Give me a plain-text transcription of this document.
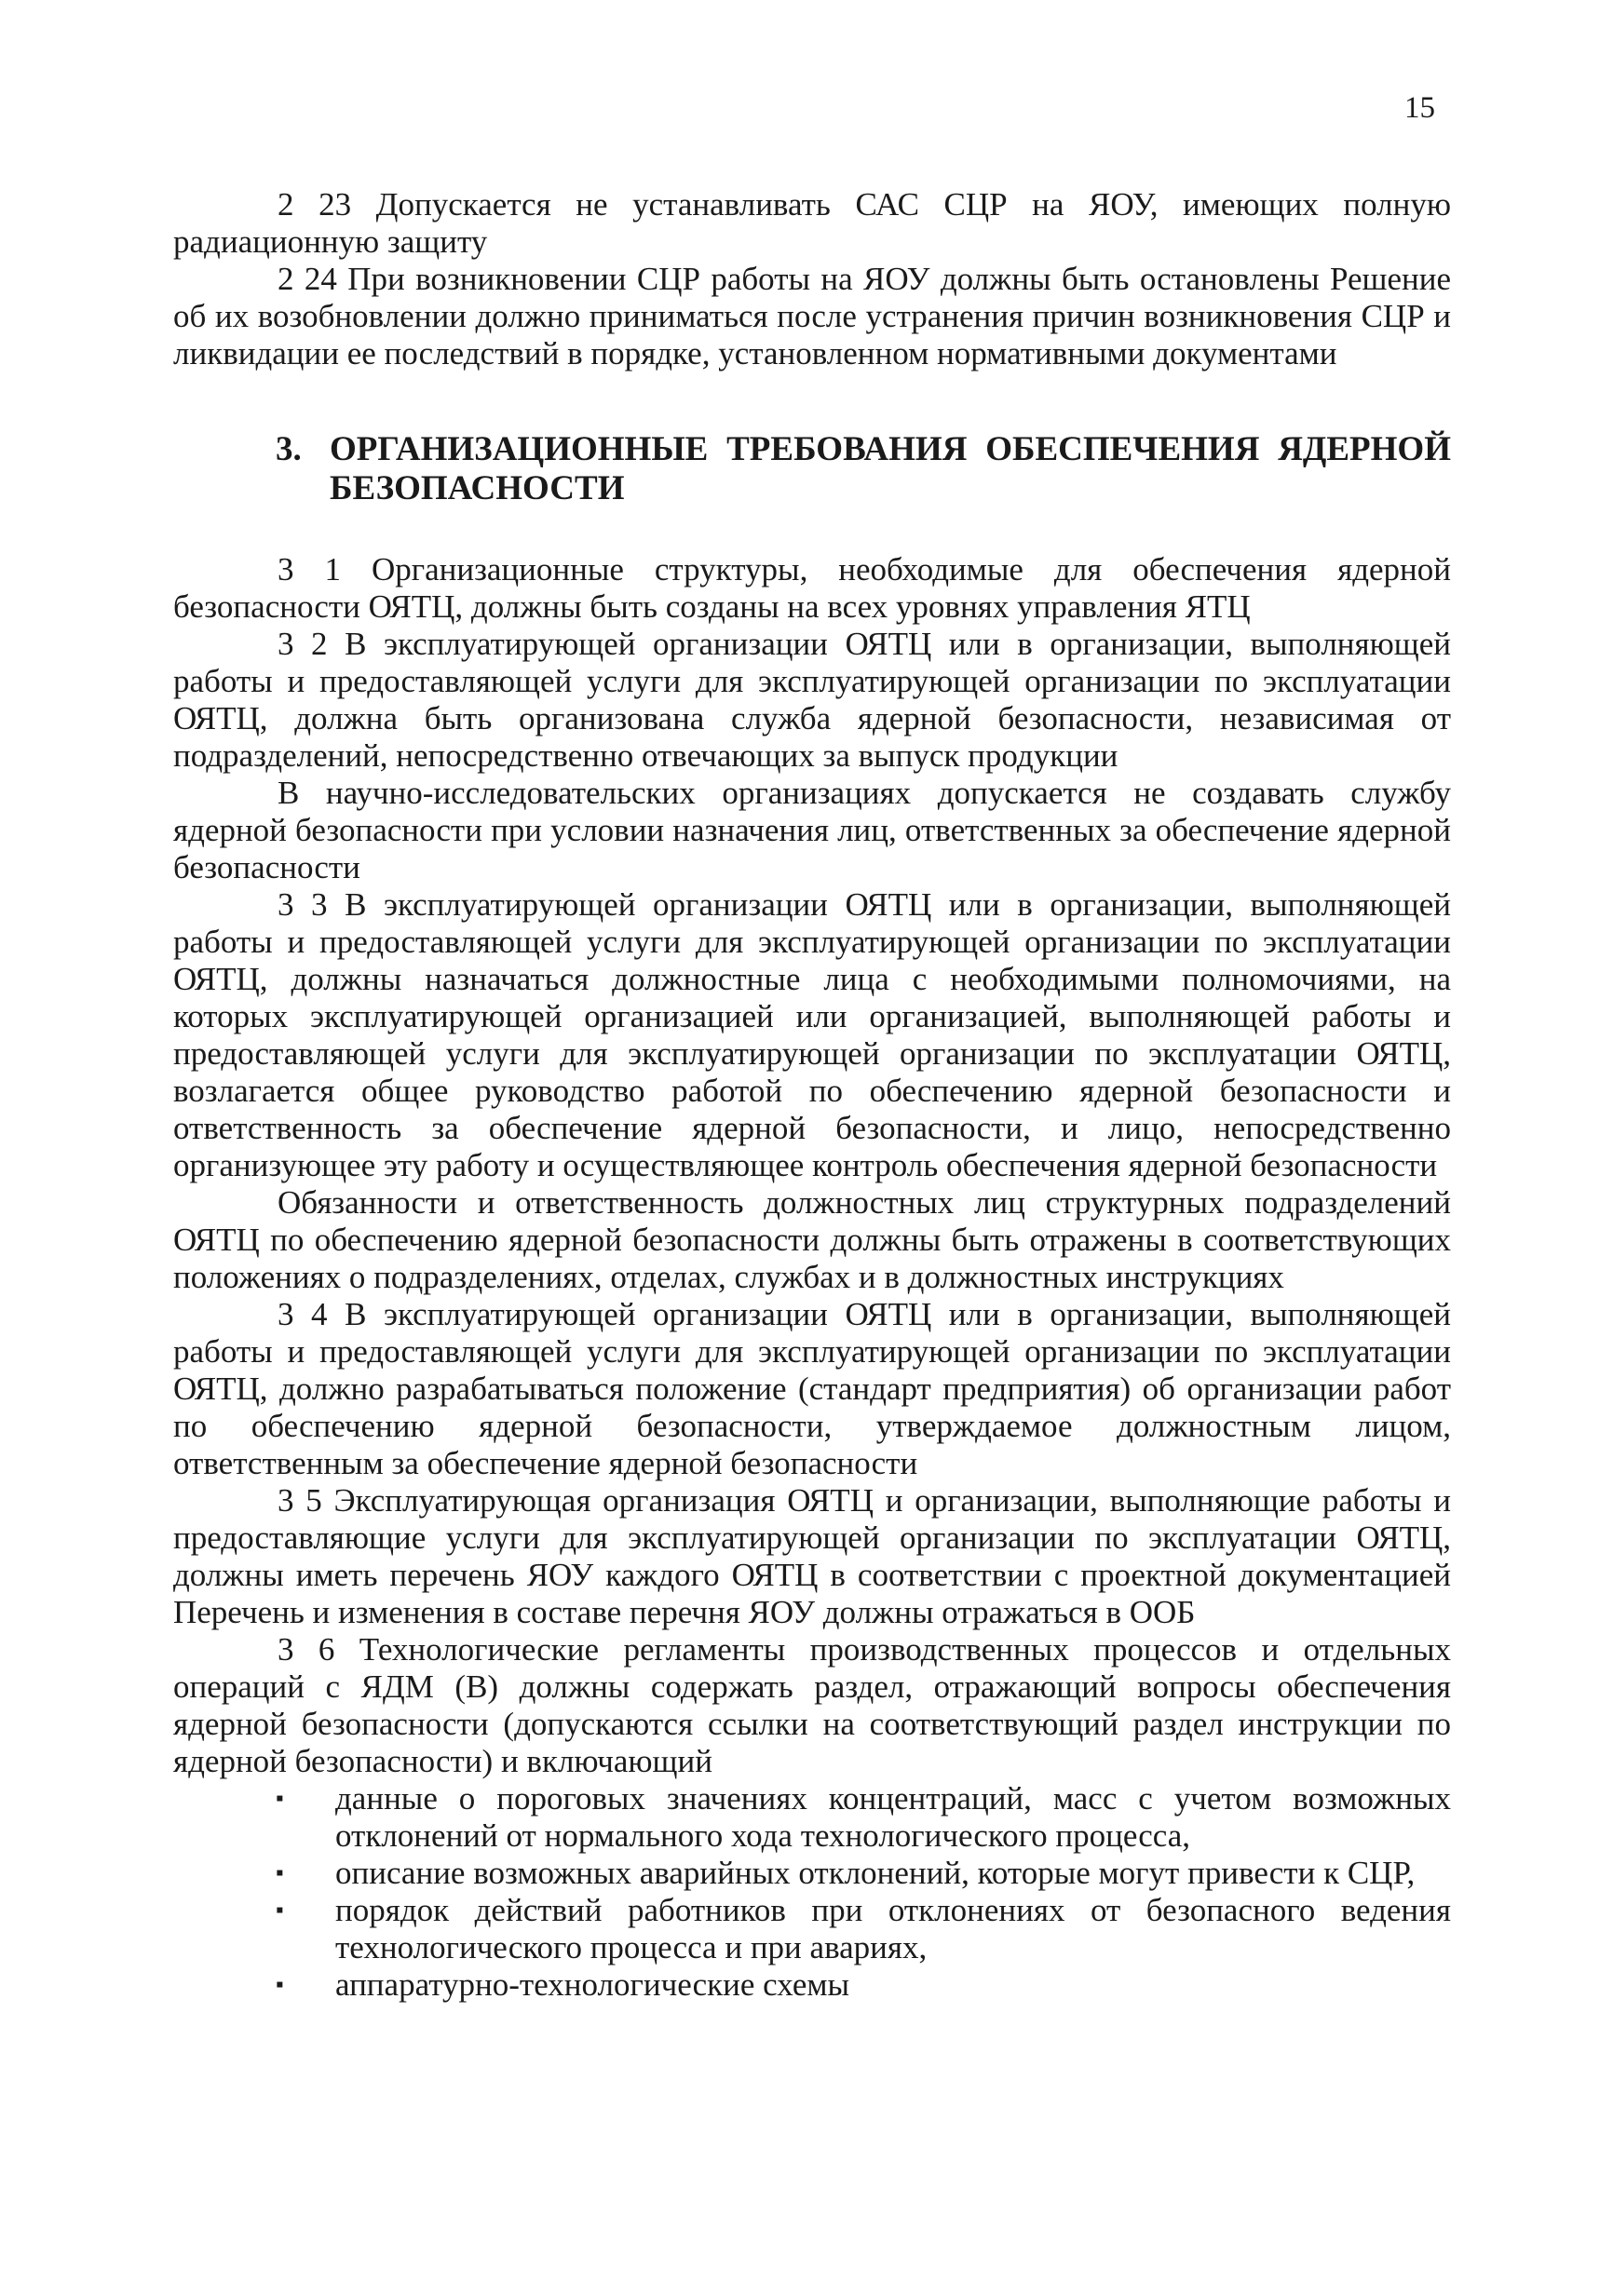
15

2 23 Допускается не устанавливать САС СЦР на ЯОУ, имеющих полную радиационную защиту

2 24 При возникновении СЦР работы на ЯОУ должны быть остановлены Решение об их возобновлении должно приниматься после устранения причин возникновения СЦР и ликвидации ее последствий в порядке, установленном нормативными документами

3. ОРГАНИЗАЦИОННЫЕ ТРЕБОВАНИЯ ОБЕСПЕЧЕНИЯ ЯДЕРНОЙ БЕЗОПАСНОСТИ

3 1 Организационные структуры, необходимые для обеспечения ядерной безопасности ОЯТЦ, должны быть созданы на всех уровнях управления ЯТЦ

3 2 В эксплуатирующей организации ОЯТЦ или в организации, выполняющей работы и предоставляющей услуги для эксплуатирующей организации по эксплуатации ОЯТЦ, должна быть организована служба ядерной безопасности, независимая от подразделений, непосредственно отвечающих за выпуск продукции

В научно-исследовательских организациях допускается не создавать службу ядерной безопасности при условии назначения лиц, ответственных за обеспечение ядерной безопасности

3 3 В эксплуатирующей организации ОЯТЦ или в организации, выполняющей работы и предоставляющей услуги для эксплуатирующей организации по эксплуатации ОЯТЦ, должны назначаться должностные лица с необходимыми полномочиями, на которых эксплуатирующей организацией или организацией, выполняющей работы и предоставляющей услуги для эксплуатирующей организации по эксплуатации ОЯТЦ, возлагается общее руководство работой по обеспечению ядерной безопасности и ответственность за обеспечение ядерной безопасности, и лицо, непосредственно организующее эту работу и осуществляющее контроль обеспечения ядерной безопасности

Обязанности и ответственность должностных лиц структурных подразделений ОЯТЦ по обеспечению ядерной безопасности должны быть отражены в соответствующих положениях о подразделениях, отделах, службах и в должностных инструкциях

3 4 В эксплуатирующей организации ОЯТЦ или в организации, выполняющей работы и предоставляющей услуги для эксплуатирующей организации по эксплуатации ОЯТЦ, должно разрабатываться положение (стандарт предприятия) об организации работ по обеспечению ядерной безопасности, утверждаемое должностным лицом, ответственным за обеспечение ядерной безопасности

3 5 Эксплуатирующая организация ОЯТЦ и организации, выполняющие работы и предоставляющие услуги для эксплуатирующей организации по эксплуатации ОЯТЦ, должны иметь перечень ЯОУ каждого ОЯТЦ в соответствии с проектной документацией Перечень и изменения в составе перечня ЯОУ должны отражаться в ООБ

3 6 Технологические регламенты производственных процессов и отдельных операций с ЯДМ (В) должны содержать раздел, отражающий вопросы обеспечения ядерной безопасности (допускаются ссылки на соответствующий раздел инструкции по ядерной безопасности) и включающий

▪	данные о пороговых значениях концентраций, масс с учетом возможных отклонений от нормального хода технологического процесса,
▪	описание возможных аварийных отклонений, которые могут привести к СЦР,
▪	порядок действий работников при отклонениях от безопасного ведения технологического процесса и при авариях,
▪	аппаратурно-технологические схемы
